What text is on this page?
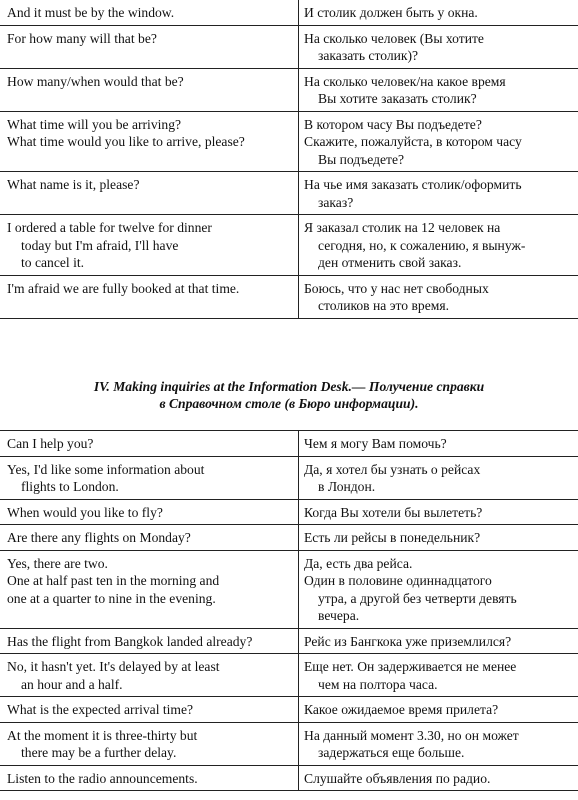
And it must be by the window.	И столик должен быть у окна.

For how many will that be?	На сколько человек (Вы хотите
заказать столик)?

How many/when would that be?	На сколько человек/на какое время
Вы хотите заказать столик?

What time will you be arriving?
What time would you like to arrive, please?	В котором часу Вы подъедете?
Скажите, пожалуйста, в котором часу
Вы подъедете?

What name is it, please?	На чье имя заказать столик/оформить
заказ?

I ordered a table for twelve for dinner
today but I'm afraid, I'll have
to cancel it.	Я заказал столик на 12 человек на
сегодня, но, к сожалению, я вынуж-
ден отменить свой заказ.

I'm afraid we are fully booked at that time.	Боюсь, что у нас нет свободных
столиков на это время.
IV. Making inquiries at the Information Desk.— Получение справки
в Справочном столе (в Бюро информации).
Can I help you?	Чем я могу Вам помочь?

Yes, I'd like some information about
flights to London.	Да, я хотел бы узнать о рейсах
в Лондон.

When would you like to fly?	Когда Вы хотели бы вылететь?

Are there any flights on Monday?	Есть ли рейсы в понедельник?

Yes, there are two.
One at half past ten in the morning and
one at a quarter to nine in the evening.	Да, есть два рейса.
Один в половине одиннадцатого
утра, а другой без четверти девять
вечера.

Has the flight from Bangkok landed already?	Рейс из Бангкока уже приземлился?

No, it hasn't yet. It's delayed by at least
an hour and a half.	Еще нет. Он задерживается не менее
чем на полтора часа.

What is the expected arrival time?	Какое ожидаемое время прилета?

At the moment it is three-thirty but
there may be a further delay.	На данный момент 3.30, но он может
задержаться еще больше.

Listen to the radio announcements.	Слушайте объявления по радио.
